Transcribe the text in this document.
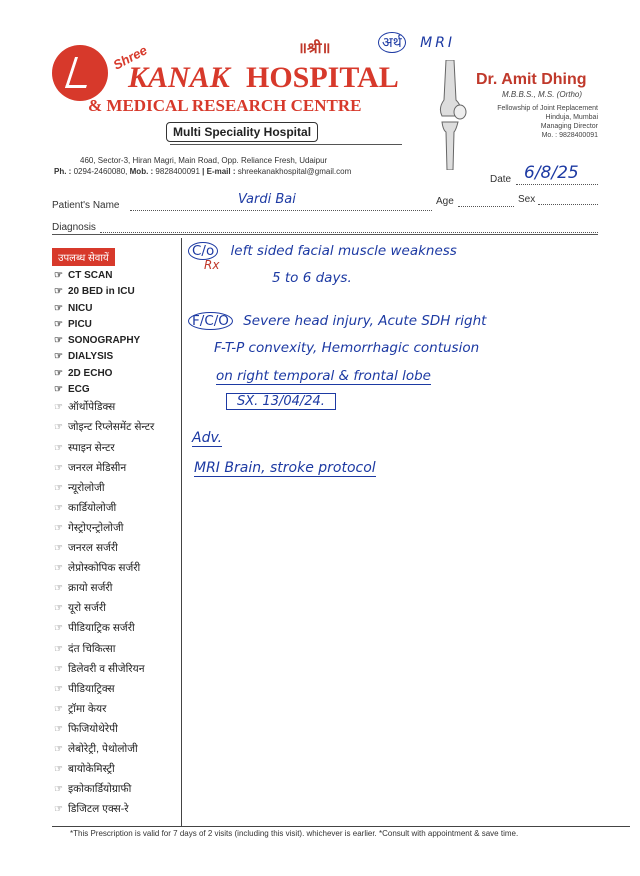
॥श्री॥
Shree
KANAK HOSPITAL
& MEDICAL RESEARCH CENTRE
Multi Speciality Hospital
Dr. Amit Dhing
M.B.B.S., M.S. (Ortho)
Fellowship of Joint Replacement
Hinduja, Mumbai
Managing Director
Mo. : 9828400091
460, Sector-3, Hiran Magri, Main Road, Opp. Reliance Fresh, Udaipur
Ph. : 0294-2460080, Mob. : 9828400091 | E-mail : shreekanakhospital@gmail.com
Date 6/8/25
Patient's Name	Vardi Bai	Age	Sex
Diagnosis
उपलब्ध सेवायें
☞ CT SCAN
☞ 20 BED in ICU
☞ NICU
☞ PICU
☞ SONOGRAPHY
☞ DIALYSIS
☞ 2D ECHO
☞ ECG
☞ ऑर्थोपेडिक्स
☞ जोइन्ट रिप्लेसमेंट सेन्टर
☞ स्पाइन सेन्टर
☞ जनरल मेडिसीन
☞ न्यूरोलोजी
☞ कार्डियोलोजी
☞ गेस्ट्रोएन्ट्रोलोजी
☞ जनरल सर्जरी
☞ लेप्रोस्कोपिक सर्जरी
☞ क्रायो सर्जरी
☞ यूरो सर्जरी
☞ पीडियाट्रिक सर्जरी
☞ दंत चिकित्सा
☞ डिलेवरी व सीजेरियन
☞ पीडियाट्रिक्स
☞ ट्रॉमा केयर
☞ फिजियोथेरेपी
☞ लेबोरेट्री, पेथोलोजी
☞ बायोकेमिस्ट्री
☞ इकोकार्डियोग्राफी
☞ डिजिटल एक्स-रे
अर्थ MRI
C/o left sided facial muscle weakness
Rx
5 to 6 days.
F/C/O Severe head injury, Acute SDH right
F-T-P convexity, Hemorrhagic contusion
on right temporal & frontal lobe
SX. 13/04/24.
Adv.
MRI Brain, stroke protocol
*This Prescription is valid for 7 days of 2 visits (including this visit). whichever is earlier. *Consult with appointment & save time.
